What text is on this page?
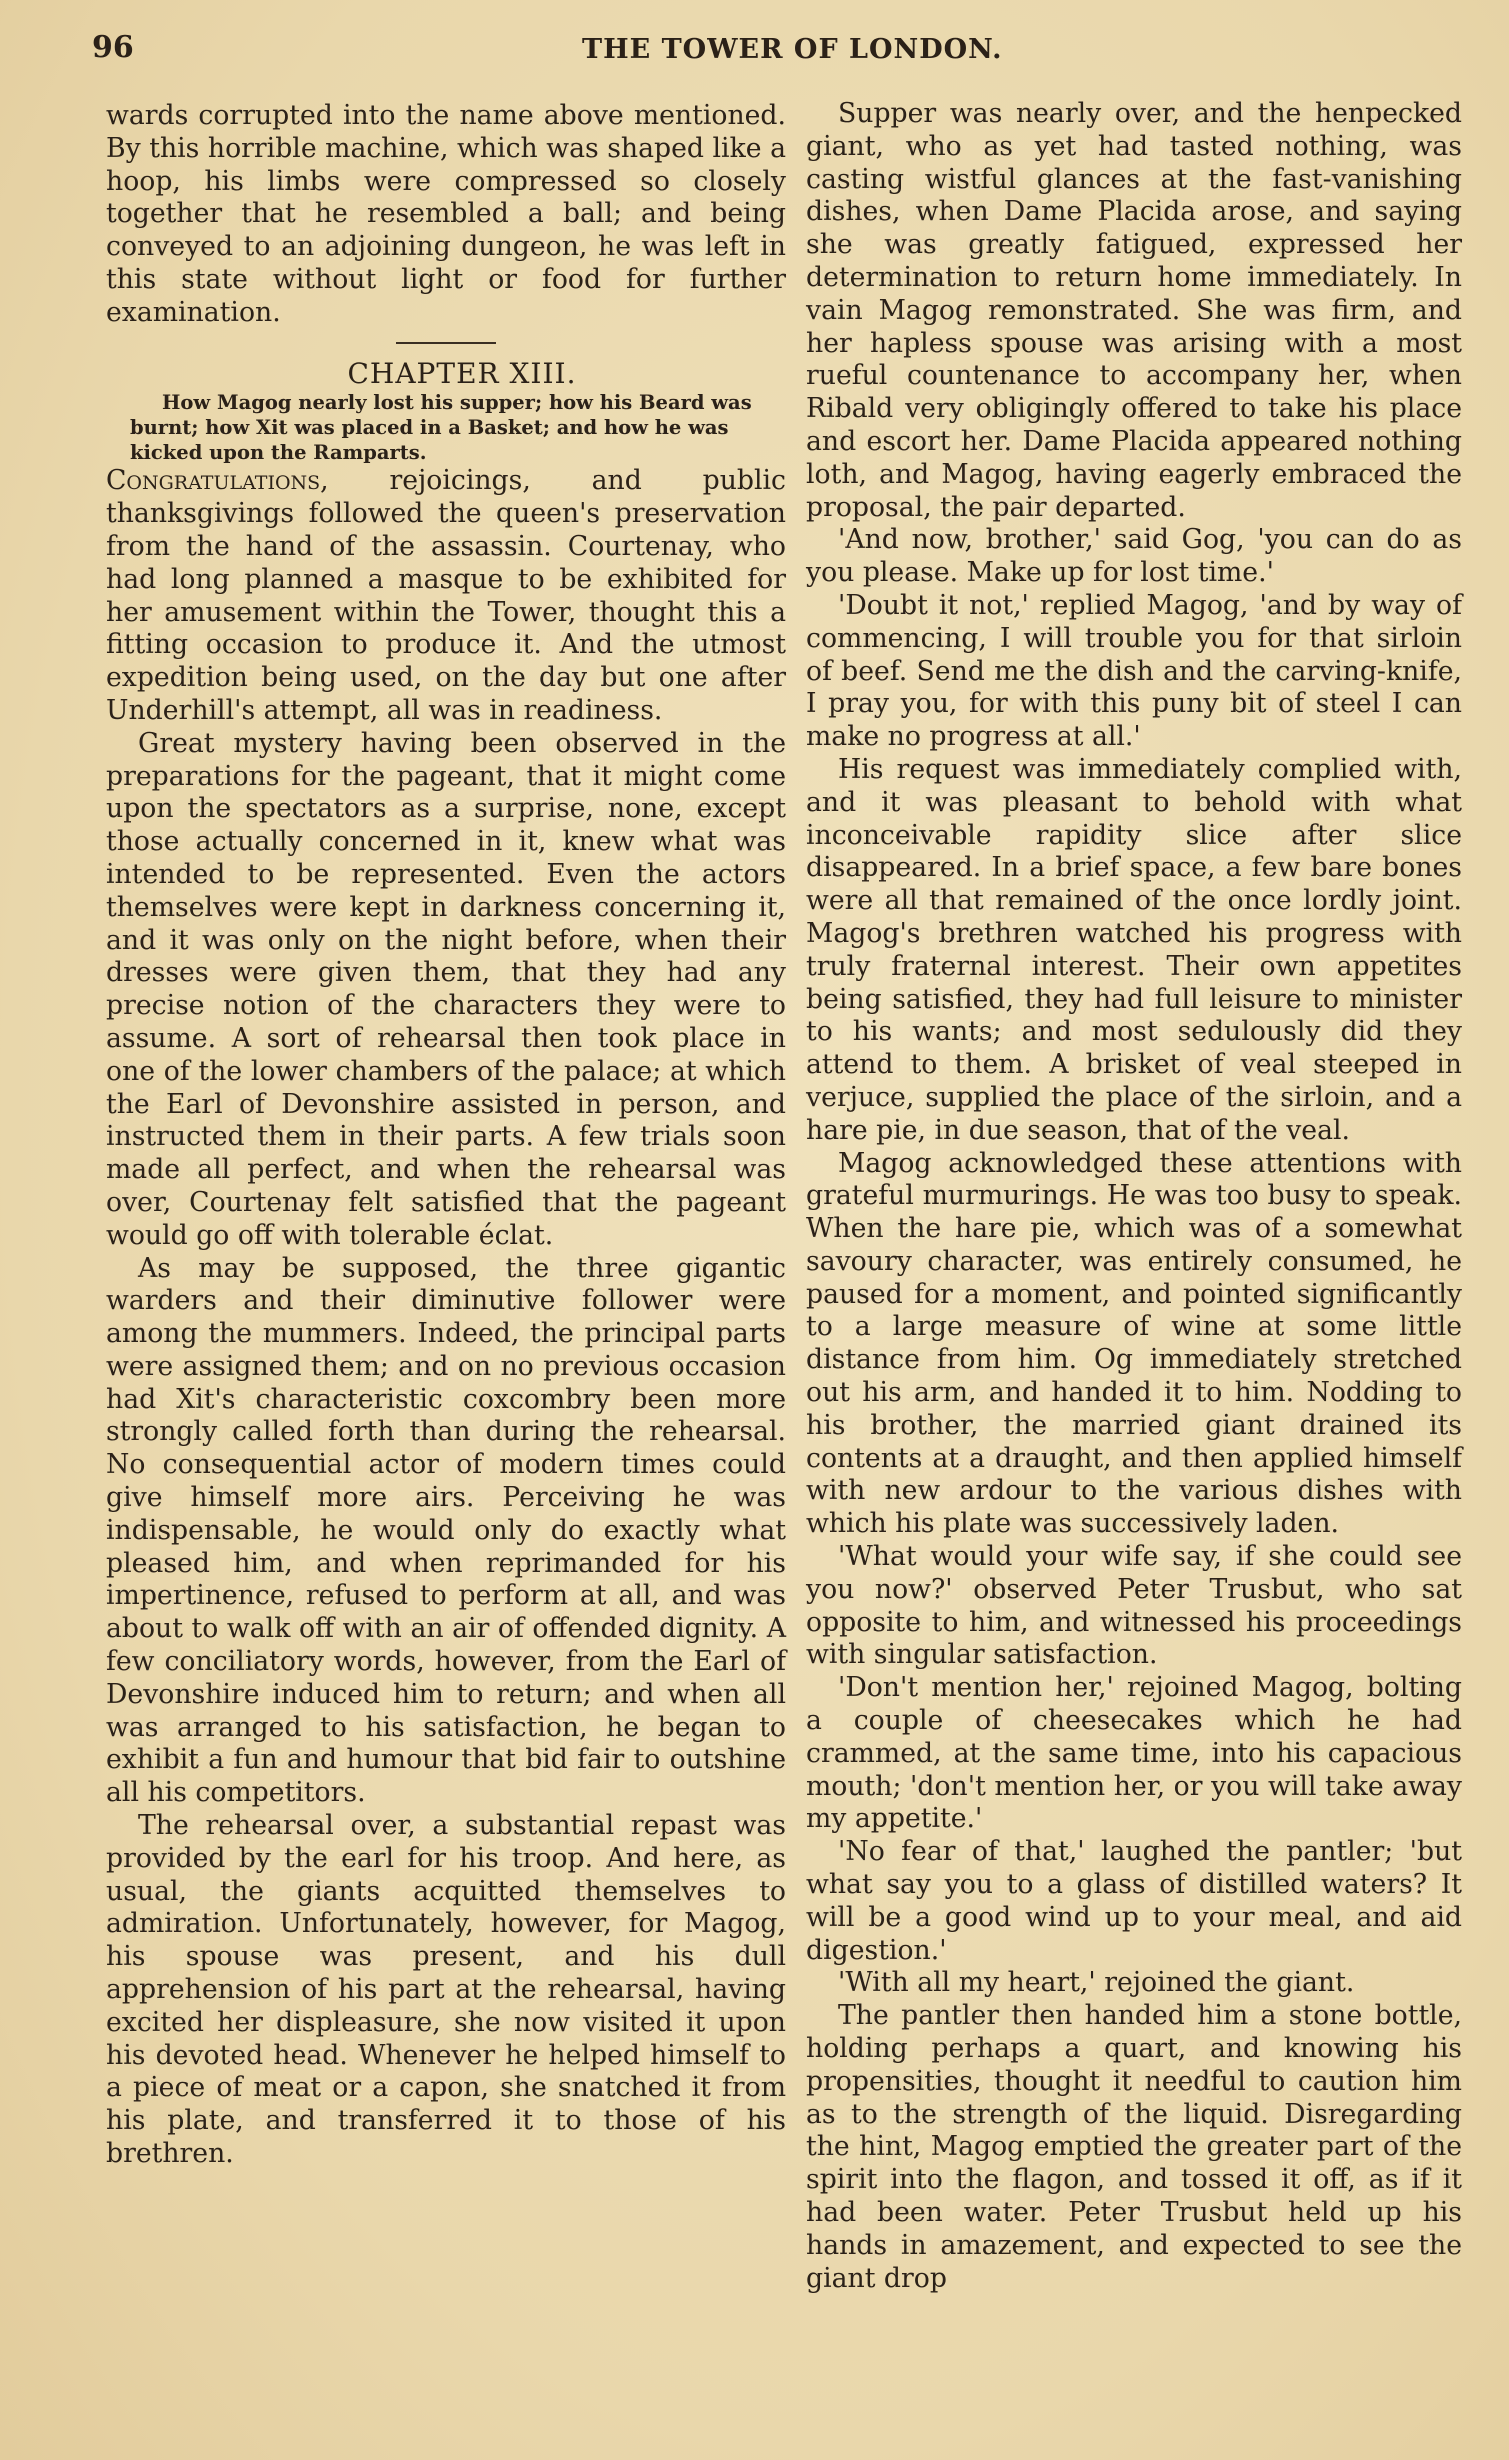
96	THE TOWER OF LONDON.

wards corrupted into the name above mentioned. By this horrible machine, which was shaped like a hoop, his limbs were compressed so closely together that he resembled a ball; and being conveyed to an adjoining dungeon, he was left in this state without light or food for further examination.

CHAPTER XIII.

How Magog nearly lost his supper; how his Beard was burnt; how Xit was placed in a Basket; and how he was kicked upon the Ramparts.

Congratulations, rejoicings, and public thanksgivings followed the queen's preservation from the hand of the assassin. Courtenay, who had long planned a masque to be exhibited for her amusement within the Tower, thought this a fitting occasion to produce it. And the utmost expedition being used, on the day but one after Underhill's attempt, all was in readiness.

Great mystery having been observed in the preparations for the pageant, that it might come upon the spectators as a surprise, none, except those actually concerned in it, knew what was intended to be represented. Even the actors themselves were kept in darkness concerning it, and it was only on the night before, when their dresses were given them, that they had any precise notion of the characters they were to assume. A sort of rehearsal then took place in one of the lower chambers of the palace; at which the Earl of Devonshire assisted in person, and instructed them in their parts. A few trials soon made all perfect, and when the rehearsal was over, Courtenay felt satisfied that the pageant would go off with tolerable éclat.

As may be supposed, the three gigantic warders and their diminutive follower were among the mummers. Indeed, the principal parts were assigned them; and on no previous occasion had Xit's characteristic coxcombry been more strongly called forth than during the rehearsal. No consequential actor of modern times could give himself more airs. Perceiving he was indispensable, he would only do exactly what pleased him, and when reprimanded for his impertinence, refused to perform at all, and was about to walk off with an air of offended dignity. A few conciliatory words, however, from the Earl of Devonshire induced him to return; and when all was arranged to his satisfaction, he began to exhibit a fun and humour that bid fair to outshine all his competitors.

The rehearsal over, a substantial repast was provided by the earl for his troop. And here, as usual, the giants acquitted themselves to admiration. Unfortunately, however, for Magog, his spouse was present, and his dull apprehension of his part at the rehearsal, having excited her displeasure, she now visited it upon his devoted head. Whenever he helped himself to a piece of meat or a capon, she snatched it from his plate, and transferred it to those of his brethren.

Supper was nearly over, and the henpecked giant, who as yet had tasted nothing, was casting wistful glances at the fast-vanishing dishes, when Dame Placida arose, and saying she was greatly fatigued, expressed her determination to return home immediately. In vain Magog remonstrated. She was firm, and her hapless spouse was arising with a most rueful countenance to accompany her, when Ribald very obligingly offered to take his place and escort her. Dame Placida appeared nothing loth, and Magog, having eagerly embraced the proposal, the pair departed.

'And now, brother,' said Gog, 'you can do as you please. Make up for lost time.'

'Doubt it not,' replied Magog, 'and by way of commencing, I will trouble you for that sirloin of beef. Send me the dish and the carving-knife, I pray you, for with this puny bit of steel I can make no progress at all.'

His request was immediately complied with, and it was pleasant to behold with what inconceivable rapidity slice after slice disappeared. In a brief space, a few bare bones were all that remained of the once lordly joint. Magog's brethren watched his progress with truly fraternal interest. Their own appetites being satisfied, they had full leisure to minister to his wants; and most sedulously did they attend to them. A brisket of veal steeped in verjuce, supplied the place of the sirloin, and a hare pie, in due season, that of the veal.

Magog acknowledged these attentions with grateful murmurings. He was too busy to speak. When the hare pie, which was of a somewhat savoury character, was entirely consumed, he paused for a moment, and pointed significantly to a large measure of wine at some little distance from him. Og immediately stretched out his arm, and handed it to him. Nodding to his brother, the married giant drained its contents at a draught, and then applied himself with new ardour to the various dishes with which his plate was successively laden.

'What would your wife say, if she could see you now?' observed Peter Trusbut, who sat opposite to him, and witnessed his proceedings with singular satisfaction.

'Don't mention her,' rejoined Magog, bolting a couple of cheesecakes which he had crammed, at the same time, into his capacious mouth; 'don't mention her, or you will take away my appetite.'

'No fear of that,' laughed the pantler; 'but what say you to a glass of distilled waters? It will be a good wind up to your meal, and aid digestion.'

'With all my heart,' rejoined the giant.

The pantler then handed him a stone bottle, holding perhaps a quart, and knowing his propensities, thought it needful to caution him as to the strength of the liquid. Disregarding the hint, Magog emptied the greater part of the spirit into the flagon, and tossed it off, as if it had been water. Peter Trusbut held up his hands in amazement, and expected to see the giant drop
